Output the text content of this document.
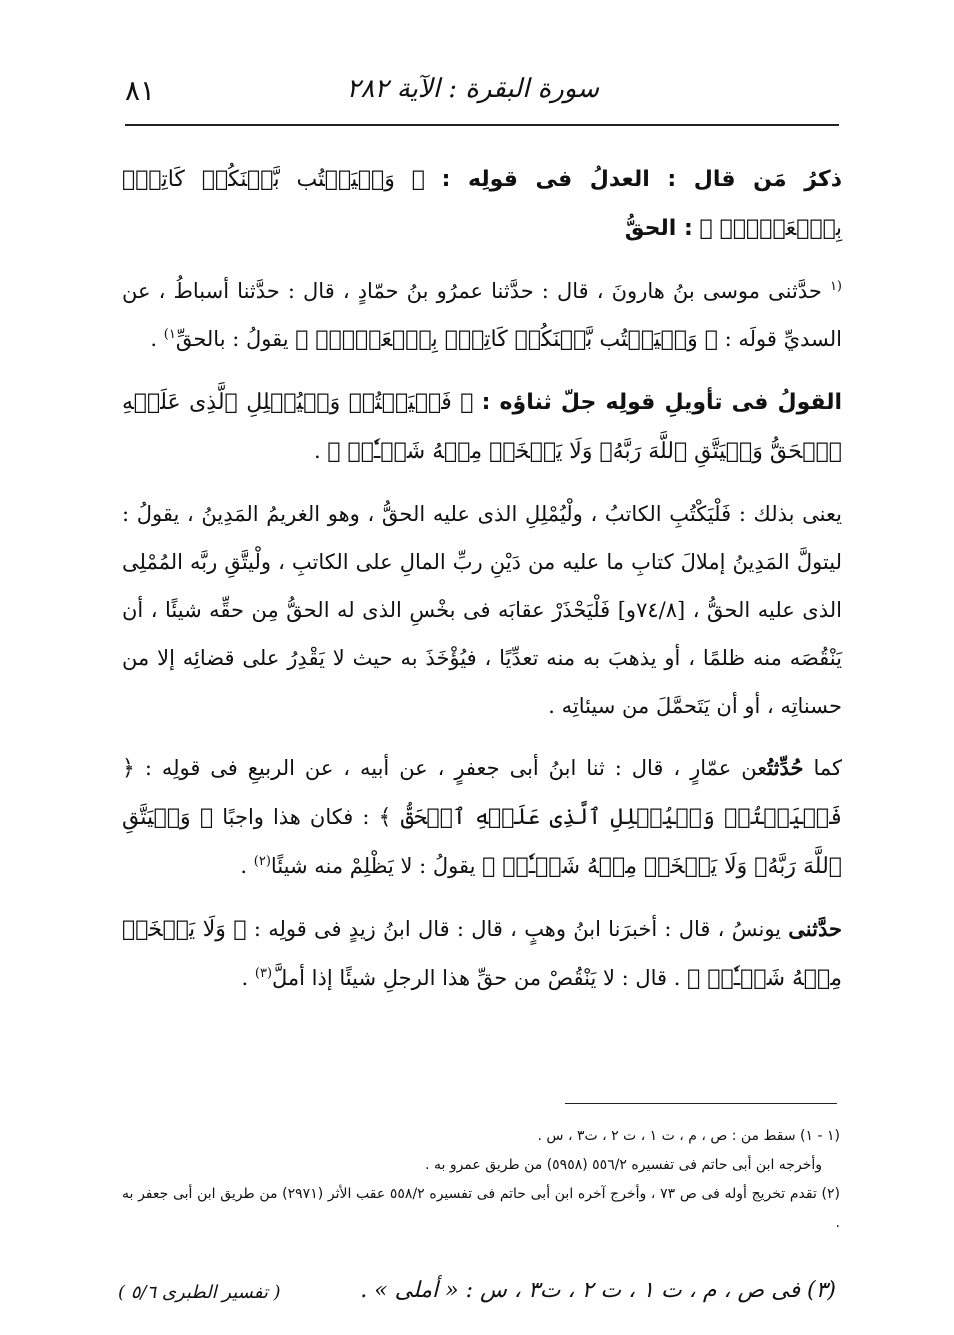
٨١	سورة البقرة : الآية ٢٨٢

ذكرُ مَن قال : العدلُ فى قولِه : ﴿ وَلۡيَكۡتُب بَّيۡنَكُمۡ كَاتِبُۢ بِٱلۡعَدۡلِۚ ﴾ : الحقُّ

$^{(١}$ حدَّثنى موسى بنُ هارونَ ، قال : حدَّثنا عمرُو بنُ حمّادٍ ، قال : حدَّثنا أسباطُ ، عن السديِّ قولَه : ﴿ وَلۡيَكۡتُب بَّيۡنَكُمۡ كَاتِبُۢ بِٱلۡعَدۡلِۚ ﴾ يقولُ : بالحقِّ$^{١)}$ .

القولُ فى تأويلِ قولِه جلّ ثناؤه : ﴿ فَلۡيَكۡتُبۡ وَلۡيُمۡلِلِ ٱلَّذِى عَلَيۡهِ ٱلۡحَقُّ وَلۡيَتَّقِ ٱللَّهَ رَبَّهُۥ وَلَا يَبۡخَسۡ مِنۡهُ شَيۡـٔٗاۚ ﴾ .

يعنى بذلك : فَلْيَكْتُبِ الكاتبُ ، ولْيُمْلِلِ الذى عليه الحقُّ ، وهو الغريمُ المَدِينُ ، يقولُ : ليتولَّ المَدِينُ إملالَ كتابِ ما عليه من دَيْنِ ربِّ المالِ على الكاتبِ ، ولْيتَّقِ ربَّه المُمْلِى الذى عليه الحقُّ ، [٧٤/٨و] فَلْيَحْذَرْ عقابَه فى بخْسِ الذى له الحقُّ مِن حقِّه شيئًا ، أن يَنْقُصَه منه ظلمًا ، أو يذهبَ به منه تعدِّيًا ، فيُؤْخَذَ به حيث لا يَقْدِرُ على قضائِه إلا من حسناتِه ، أو أن يَتَحمَّلَ من سيئاتِه .

كما حُدِّثتُعن عمّارٍ ، قال : ثنا ابنُ أبى جعفرٍ ، عن أبيه ، عن الربيعِ فى قولِه : ﴿ فَلۡيَكۡتُبۡ وَلۡيُمۡلِلِ ٱلَّذِى عَلَيۡهِ ٱلۡحَقُّ ﴾ : فكان هذا واجبًا ﴿ وَلۡيَتَّقِ ٱللَّهَ رَبَّهُۥ وَلَا يَبۡخَسۡ مِنۡهُ شَيۡـٔٗاۚ ﴾ يقولُ : لا يَظْلِمْ منه شيئًا$^{(٢)}$ .

حدَّثنى يونسُ ، قال : أخبرَنا ابنُ وهبٍ ، قال : قال ابنُ زيدٍ فى قولِه : ﴿ وَلَا يَبۡخَسۡ مِنۡهُ شَيۡـٔٗاۚ ﴾ . قال : لا يَنْقُصْ من حقِّ هذا الرجلِ شيئًا إذا أملَّ$^{(٣)}$ .

(١ - ١) سقط من : ص ، م ، ت ١ ، ت ٢ ، ت٣ ، س .

وأخرجه ابن أبى حاتم فى تفسيره ٥٥٦/٢ (٥٩٥٨) من طريق عمرو به .

(٢) تقدم تخريج أوله فى ص ٧٣ ، وأخرج آخره ابن أبى حاتم فى تفسيره ٥٥٨/٢ عقب الأثر (٢٩٧١) من طريق ابن أبى جعفر به .

(٣) فى ص ، م ، ت ١ ، ت ٢ ، ت٣ ، س : « أملى » .
( تفسير الطبرى ٥/٦ )
